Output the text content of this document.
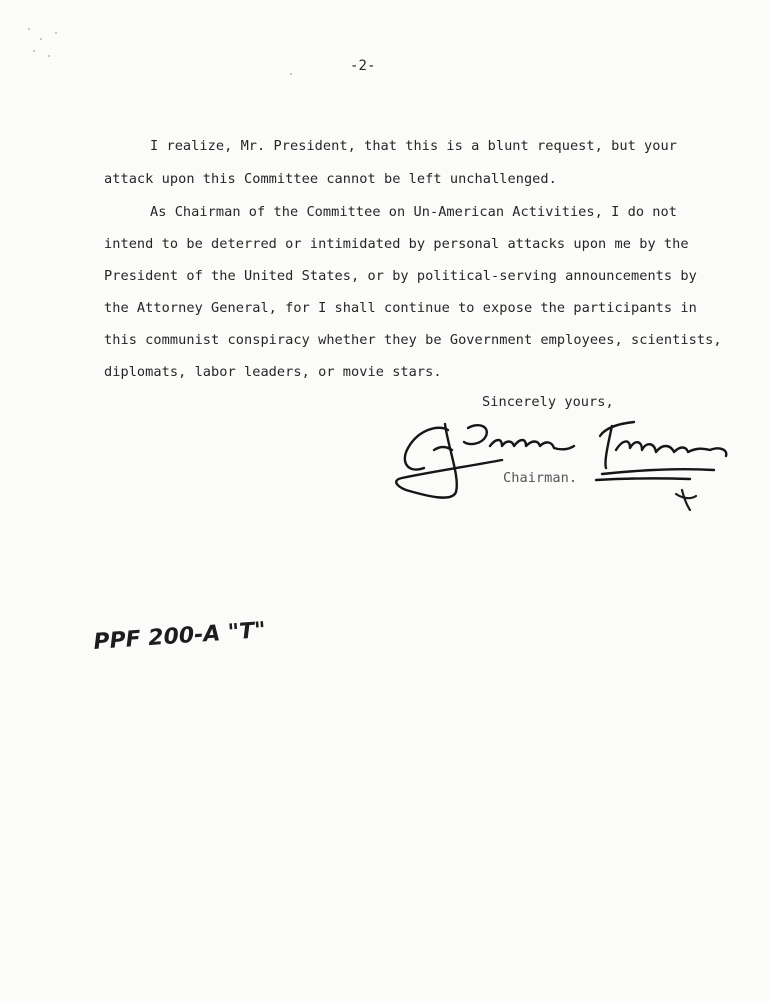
-2-
I realize, Mr. President, that this is a blunt request, but your
attack upon this Committee cannot be left unchallenged.
As Chairman of the Committee on Un-American Activities, I do not
intend to be deterred or intimidated by personal attacks upon me by the
President of the United States, or by political-serving announcements by
the Attorney General, for I shall continue to expose the participants in
this communist conspiracy whether they be Government employees, scientists,
diplomats, labor leaders, or movie stars.
Sincerely yours,
J. Parnell Thomas
Chairman.
X
PPF 200-A "T"
